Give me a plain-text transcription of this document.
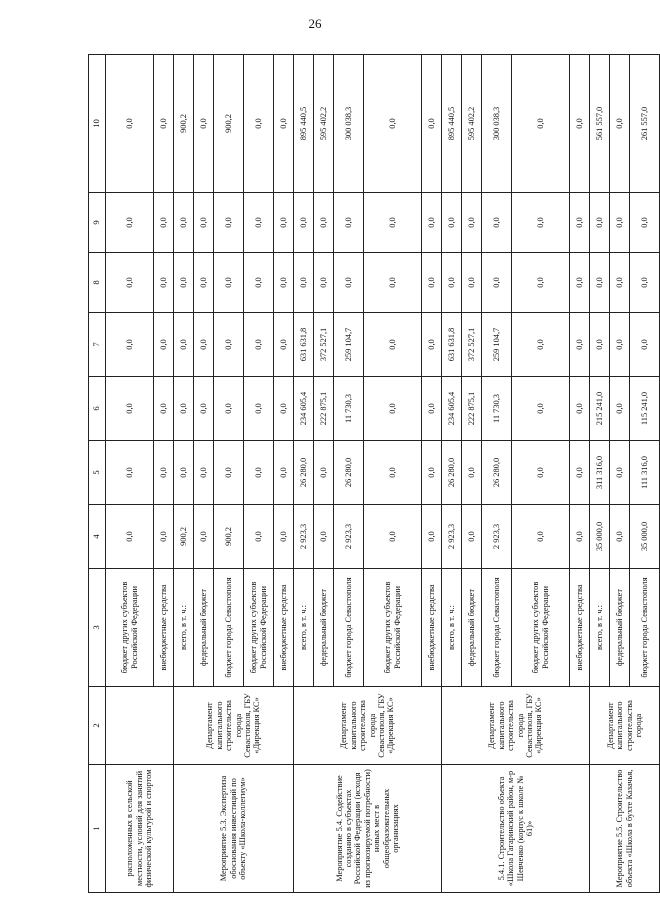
26
1	2	3	4	5	6	7	8	9	10
расположенных в сельской местности, условий для занятий физической культурой и спортом		бюджет других субъектов Российской Федерации	0,0	0,0	0,0	0,0	0,0	0,0	0,0
		внебюджетные средства	0,0	0,0	0,0	0,0	0,0	0,0	0,0
Мероприятие 5.3. Экспертиза обоснования инвестиций по объекту «Школа-коллегиум»	Департамент капитального строительства города Севастополя, ГБУ «Дирекция КС»	всего, в т. ч.:	900,2	0,0	0,0	0,0	0,0	0,0	900,2
		федеральный бюджет	0,0	0,0	0,0	0,0	0,0	0,0	0,0
		бюджет города Севастополя	900,2	0,0	0,0	0,0	0,0	0,0	900,2
		бюджет других субъектов Российской Федерации	0,0	0,0	0,0	0,0	0,0	0,0	0,0
		внебюджетные средства	0,0	0,0	0,0	0,0	0,0	0,0	0,0
Мероприятие 5.4. Содействие созданию в субъектах Российской Федерации (исходя из прогнозируемой потребности) новых мест в общеобразовательных организациях	Департамент капитального строительства города Севастополя, ГБУ «Дирекция КС»	всего, в т. ч.:	2 923,3	26 280,0	234 605,4	631 631,8	0,0	0,0	895 440,5
		федеральный бюджет	0,0	0,0	222 875,1	372 527,1	0,0	0,0	595 402,2
		бюджет города Севастополя	2 923,3	26 280,0	11 730,3	259 104,7	0,0	0,0	300 038,3
		бюджет других субъектов Российской Федерации	0,0	0,0	0,0	0,0	0,0	0,0	0,0
		внебюджетные средства	0,0	0,0	0,0	0,0	0,0	0,0	0,0
5.4.1. Строительство объекта «Школа Гагаринский район, м-р Шевченко (корпус к школе № 61)»	Департамент капитального строительства города Севастополя, ГБУ «Дирекция КС»	всего, в т. ч.:	2 923,3	26 280,0	234 605,4	631 631,8	0,0	0,0	895 440,5
		федеральный бюджет	0,0	0,0	222 875,1	372 527,1	0,0	0,0	595 402,2
		бюджет города Севастополя	2 923,3	26 280,0	11 730,3	259 104,7	0,0	0,0	300 038,3
		бюджет других субъектов Российской Федерации	0,0	0,0	0,0	0,0	0,0	0,0	0,0
		внебюджетные средства	0,0	0,0	0,0	0,0	0,0	0,0	0,0
Мероприятие 5.5. Строительство объекта «Школа в бухте Казачья,	Департамент капитального строительства города	всего, в т. ч.:	35 000,0	311 316,0	215 241,0	0,0	0,0	0,0	561 557,0
		федеральный бюджет	0,0	0,0	0,0	0,0	0,0	0,0	0,0
		бюджет города Севастополя	35 000,0	111 316,0	115 241,0	0,0	0,0	0,0	261 557,0
